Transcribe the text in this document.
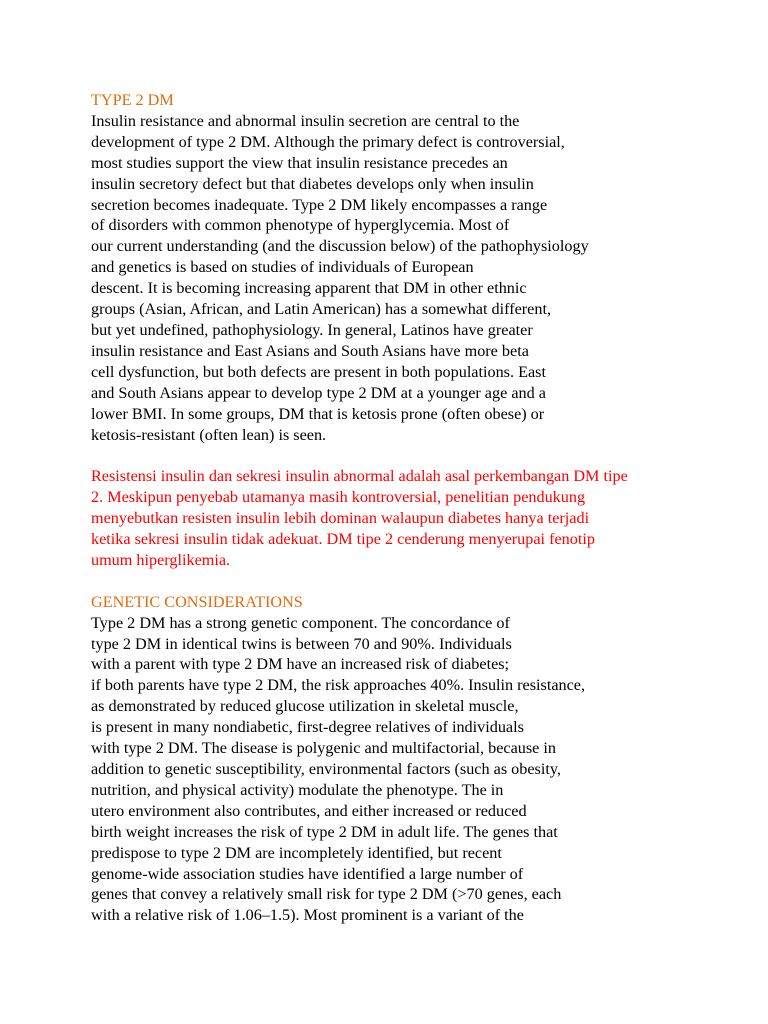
TYPE 2 DM
Insulin resistance and abnormal insulin secretion are central to the
development of type 2 DM. Although the primary defect is controversial,
most studies support the view that insulin resistance precedes an
insulin secretory defect but that diabetes develops only when insulin
secretion becomes inadequate. Type 2 DM likely encompasses a range
of disorders with common phenotype of hyperglycemia. Most of
our current understanding (and the discussion below) of the pathophysiology
and genetics is based on studies of individuals of European
descent. It is becoming increasing apparent that DM in other ethnic
groups (Asian, African, and Latin American) has a somewhat different,
but yet undefined, pathophysiology. In general, Latinos have greater
insulin resistance and East Asians and South Asians have more beta
cell dysfunction, but both defects are present in both populations. East
and South Asians appear to develop type 2 DM at a younger age and a
lower BMI. In some groups, DM that is ketosis prone (often obese) or
ketosis-resistant (often lean) is seen.
Resistensi insulin dan sekresi insulin abnormal adalah asal perkembangan DM tipe
2. Meskipun penyebab utamanya masih kontroversial, penelitian pendukung
menyebutkan resisten insulin lebih dominan walaupun diabetes hanya terjadi
ketika sekresi insulin tidak adekuat. DM tipe 2 cenderung menyerupai fenotip
umum hiperglikemia.
GENETIC CONSIDERATIONS
Type 2 DM has a strong genetic component. The concordance of
type 2 DM in identical twins is between 70 and 90%. Individuals
with a parent with type 2 DM have an increased risk of diabetes;
if both parents have type 2 DM, the risk approaches 40%. Insulin resistance,
as demonstrated by reduced glucose utilization in skeletal muscle,
is present in many nondiabetic, first-degree relatives of individuals
with type 2 DM. The disease is polygenic and multifactorial, because in
addition to genetic susceptibility, environmental factors (such as obesity,
nutrition, and physical activity) modulate the phenotype. The in
utero environment also contributes, and either increased or reduced
birth weight increases the risk of type 2 DM in adult life. The genes that
predispose to type 2 DM are incompletely identified, but recent
genome-wide association studies have identified a large number of
genes that convey a relatively small risk for type 2 DM (>70 genes, each
with a relative risk of 1.06–1.5). Most prominent is a variant of the
